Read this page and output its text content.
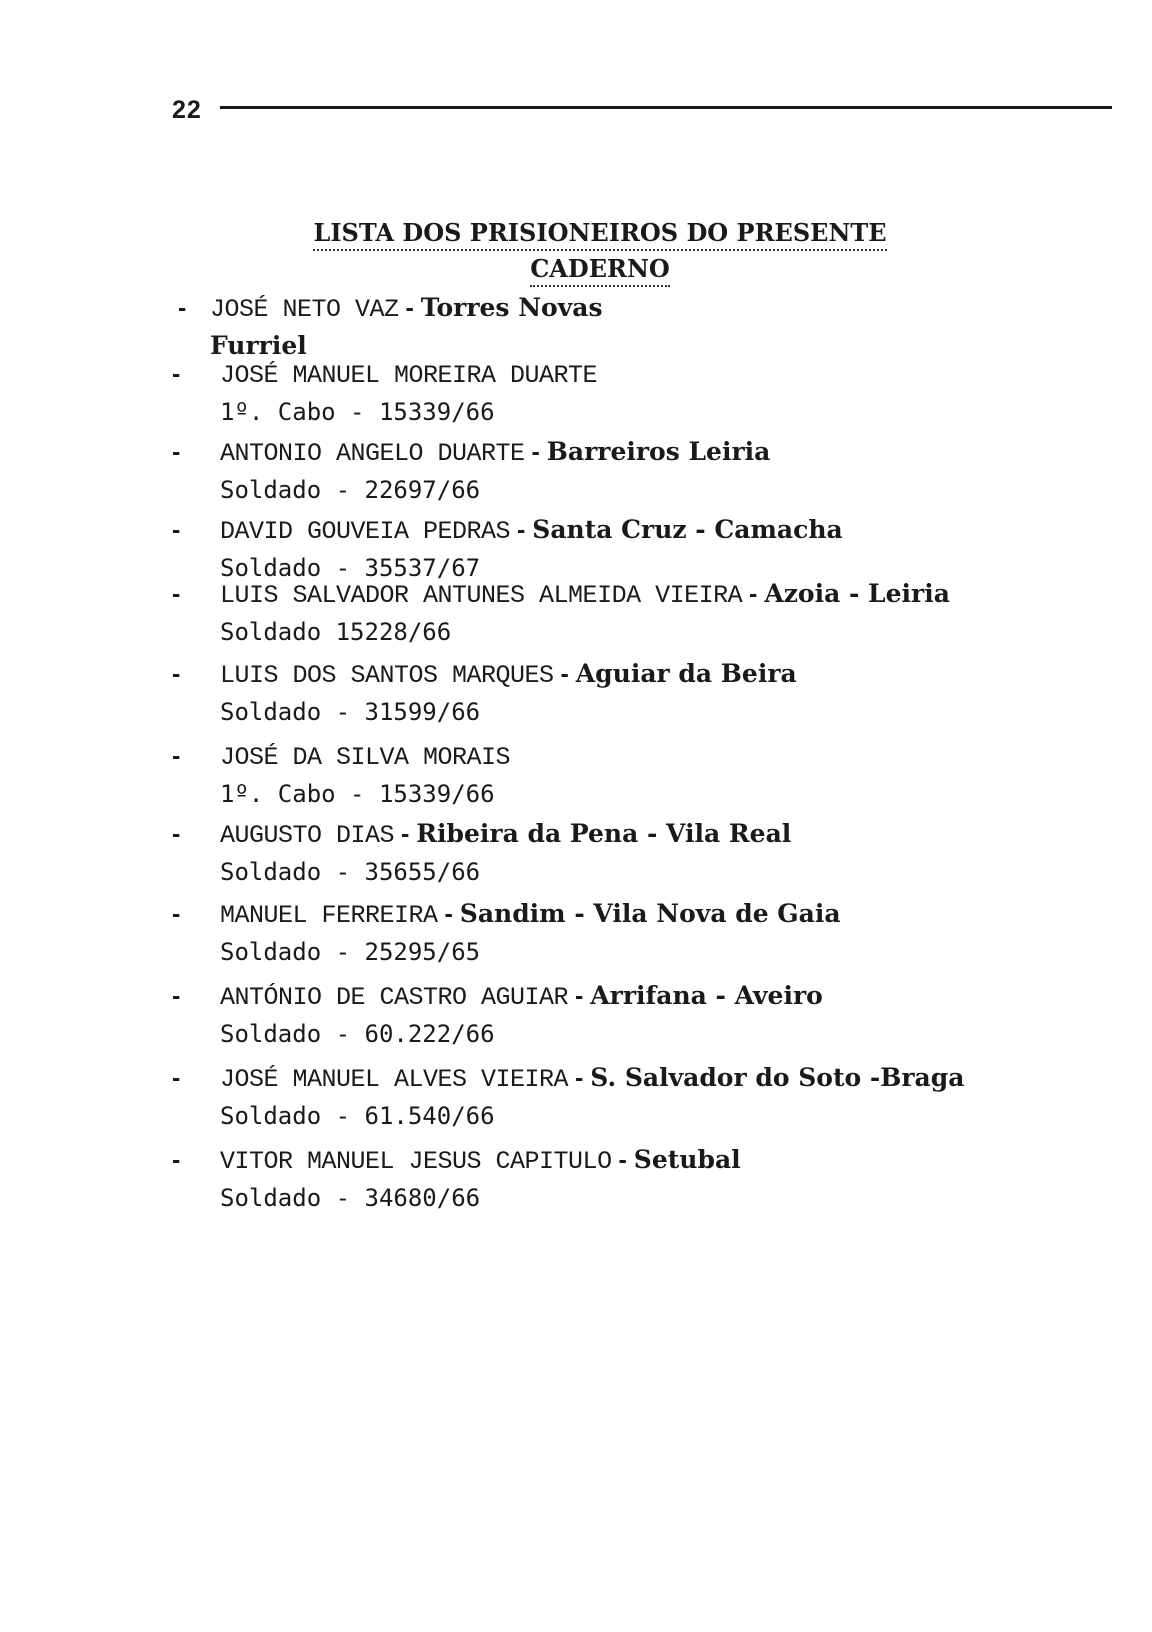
22
LISTA DOS PRISIONEIROS DO PRESENTE
CADERNO
- JOSÉ NETO VAZ - Torres Novas
Furriel
-	JOSÉ MANUEL MOREIRA DUARTE
1º. Cabo - 15339/66
-	ANTONIO ANGELO DUARTE - Barreiros Leiria
Soldado - 22697/66
-	DAVID GOUVEIA PEDRAS - Santa Cruz - Camacha
Soldado - 35537/67
-	LUIS SALVADOR ANTUNES ALMEIDA VIEIRA - Azoia - Leiria
Soldado 15228/66
-	LUIS DOS SANTOS MARQUES - Aguiar da Beira
Soldado - 31599/66
-	JOSÉ DA SILVA MORAIS
1º. Cabo - 15339/66
-	AUGUSTO DIAS - Ribeira da Pena - Vila Real
Soldado - 35655/66
-	MANUEL FERREIRA - Sandim - Vila Nova de Gaia
Soldado - 25295/65
-	ANTÓNIO DE CASTRO AGUIAR - Arrifana - Aveiro
Soldado - 60.222/66
-	JOSÉ MANUEL ALVES VIEIRA - S. Salvador do Soto -Braga
Soldado - 61.540/66
-	VITOR MANUEL JESUS CAPITULO - Setubal
Soldado - 34680/66
